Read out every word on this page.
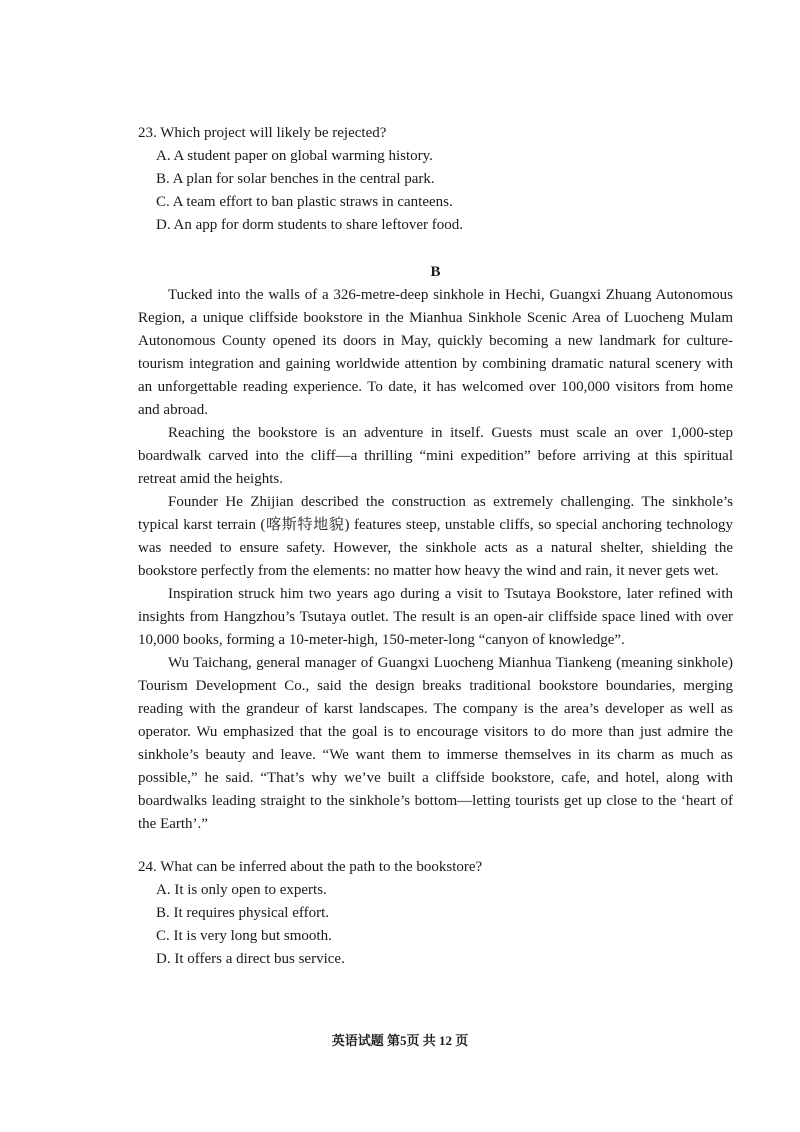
23. Which project will likely be rejected?

A. A student paper on global warming history.

B. A plan for solar benches in the central park.

C. A team effort to ban plastic straws in canteens.

D. An app for dorm students to share leftover food.

B

Tucked into the walls of a 326-metre-deep sinkhole in Hechi, Guangxi Zhuang Autonomous Region, a unique cliffside bookstore in the Mianhua Sinkhole Scenic Area of Luocheng Mulam Autonomous County opened its doors in May, quickly becoming a new landmark for culture-tourism integration and gaining worldwide attention by combining dramatic natural scenery with an unforgettable reading experience. To date, it has welcomed over 100,000 visitors from home and abroad.

Reaching the bookstore is an adventure in itself. Guests must scale an over 1,000-step boardwalk carved into the cliff—a thrilling “mini expedition” before arriving at this spiritual retreat amid the heights.

Founder He Zhijian described the construction as extremely challenging. The sinkhole’s typical karst terrain (喀斯特地貌) features steep, unstable cliffs, so special anchoring technology was needed to ensure safety. However, the sinkhole acts as a natural shelter, shielding the bookstore perfectly from the elements: no matter how heavy the wind and rain, it never gets wet.

Inspiration struck him two years ago during a visit to Tsutaya Bookstore, later refined with insights from Hangzhou’s Tsutaya outlet. The result is an open-air cliffside space lined with over 10,000 books, forming a 10-meter-high, 150-meter-long “canyon of knowledge”.

Wu Taichang, general manager of Guangxi Luocheng Mianhua Tiankeng (meaning sinkhole) Tourism Development Co., said the design breaks traditional bookstore boundaries, merging reading with the grandeur of karst landscapes. The company is the area’s developer as well as operator. Wu emphasized that the goal is to encourage visitors to do more than just admire the sinkhole’s beauty and leave. “We want them to immerse themselves in its charm as much as possible,” he said. “That’s why we’ve built a cliffside bookstore, cafe, and hotel, along with boardwalks leading straight to the sinkhole’s bottom—letting tourists get up close to the ‘heart of the Earth’.”

24. What can be inferred about the path to the bookstore?

A. It is only open to experts.

B. It requires physical effort.

C. It is very long but smooth.

D. It offers a direct bus service.

英语试题 第5页 共 12 页
